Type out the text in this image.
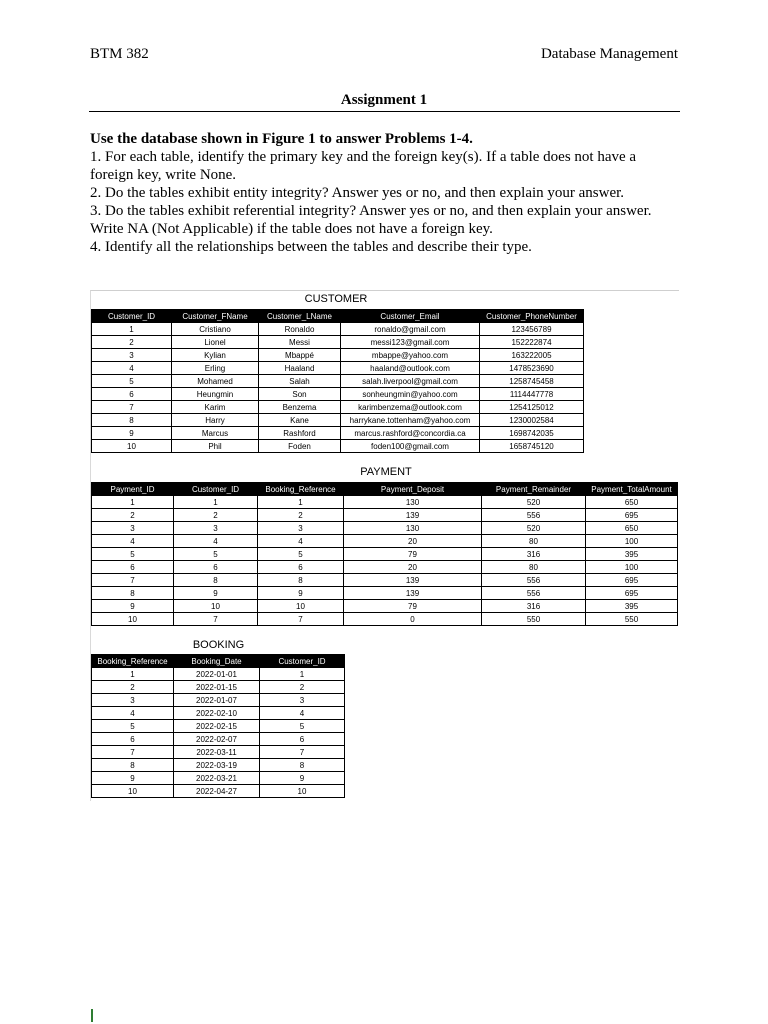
BTM 382	Database Management
Assignment 1

Use the database shown in Figure 1 to answer Problems 1-4.

1. For each table, identify the primary key and the foreign key(s). If a table does not have a foreign key, write None.

2. Do the tables exhibit entity integrity? Answer yes or no, and then explain your answer.

3. Do the tables exhibit referential integrity? Answer yes or no, and then explain your answer. Write NA (Not Applicable) if the table does not have a foreign key.

4. Identify all the relationships between the tables and describe their type.

CUSTOMER
Customer_ID	Customer_FName	Customer_LName	Customer_Email	Customer_PhoneNumber
1	Cristiano	Ronaldo	ronaldo@gmail.com	123456789
2	Lionel	Messi	messi123@gmail.com	152222874
3	Kylian	Mbappé	mbappe@yahoo.com	163222005
4	Erling	Haaland	haaland@outlook.com	1478523690
5	Mohamed	Salah	salah.liverpool@gmail.com	1258745458
6	Heungmin	Son	sonheungmin@yahoo.com	1114447778
7	Karim	Benzema	karimbenzema@outlook.com	1254125012
8	Harry	Kane	harrykane.tottenham@yahoo.com	1230002584
9	Marcus	Rashford	marcus.rashford@concordia.ca	1698742035
10	Phil	Foden	foden100@gmail.com	1658745120
PAYMENT
Payment_ID	Customer_ID	Booking_Reference	Payment_Deposit	Payment_Remainder	Payment_TotalAmount
1	1	1	130	520	650
2	2	2	139	556	695
3	3	3	130	520	650
4	4	4	20	80	100
5	5	5	79	316	395
6	6	6	20	80	100
7	8	8	139	556	695
8	9	9	139	556	695
9	10	10	79	316	395
10	7	7	0	550	550
BOOKING
Booking_Reference	Booking_Date	Customer_ID
1	2022-01-01	1
2	2022-01-15	2
3	2022-01-07	3
4	2022-02-10	4
5	2022-02-15	5
6	2022-02-07	6
7	2022-03-11	7
8	2022-03-19	8
9	2022-03-21	9
10	2022-04-27	10
